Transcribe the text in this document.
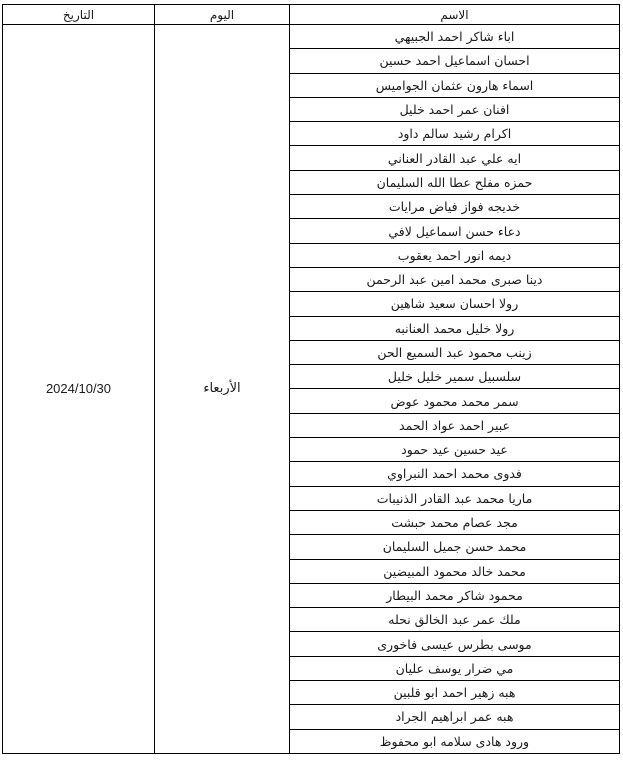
الاسم	اليوم	التاريخ
اباء شاكر احمد الجبيهي	الأربعاء	2024/10/30
احسان اسماعيل احمد حسين		
اسماء هارون عثمان الجواميس		
افنان عمر احمد خليل		
اكرام رشيد سالم داود		
ايه علي عبد القادر العناني		
حمزه مفلح عطا الله السليمان		
خديجه فواز فياض مرايات		
دعاء حسن اسماعيل لافي		
ديمه انور احمد يعقوب		
دينا صبرى محمد امين عبد الرحمن		
رولا احسان سعيد شاهين		
رولا خليل محمد العنانبه		
زينب محمود عبد السميع الحن		
سلسبيل سمير خليل خليل		
سمر محمد محمود عوض		
عبير احمد عواد الحمد		
عيد حسين عيد حمود		
فدوى محمد احمد النبراوي		
ماريا محمد عبد القادر الذنيبات		
مجد عصام محمد حبشت		
محمد حسن جميل السليمان		
محمد خالد محمود المبيضين		
محمود شاكر محمد البيطار		
ملك عمر عبد الخالق نحله		
موسى بطرس عيسى فاخورى		
مي ضرار يوسف عليان		
هبه زهير احمد ابو قلبين		
هبه عمر ابراهيم الجراد		
ورود هادى سلامه ابو محفوظ		
